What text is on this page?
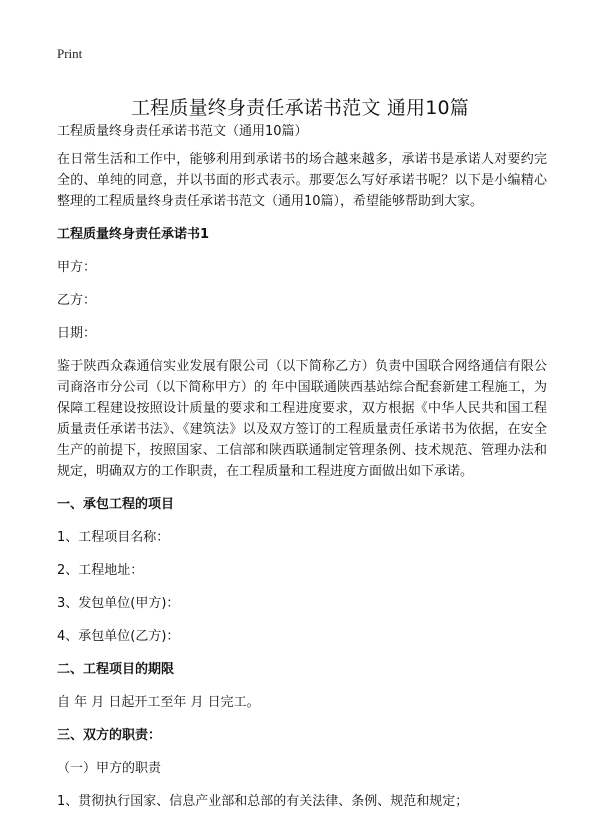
Print
工程质量终身责任承诺书范文 通用10篇

工程质量终身责任承诺书范文（通用10篇）

在日常生活和工作中，能够利用到承诺书的场合越来越多，承诺书是承诺人对要约完全的、单纯的同意，并以书面的形式表示。那要怎么写好承诺书呢？以下是小编精心整理的工程质量终身责任承诺书范文（通用10篇），希望能够帮助到大家。

工程质量终身责任承诺书1

甲方：

乙方：

日期：

鉴于陕西众森通信实业发展有限公司（以下简称乙方）负责中国联合网络通信有限公司商洛市分公司（以下简称甲方）的 年中国联通陕西基站综合配套新建工程施工，为保障工程建设按照设计质量的要求和工程进度要求，双方根据《中华人民共和国工程质量责任承诺书法》、《建筑法》以及双方签订的工程质量责任承诺书为依据，在安全生产的前提下，按照国家、工信部和陕西联通制定管理条例、技术规范、管理办法和规定，明确双方的工作职责，在工程质量和工程进度方面做出如下承诺。

一、承包工程的项目

1、工程项目名称：

2、工程地址：

3、发包单位(甲方)：

4、承包单位(乙方)：

二、工程项目的期限

自 年 月 日起开工至年 月 日完工。

三、双方的职责：

（一）甲方的职责

1、贯彻执行国家、信息产业部和总部的有关法律、条例、规范和规定；
